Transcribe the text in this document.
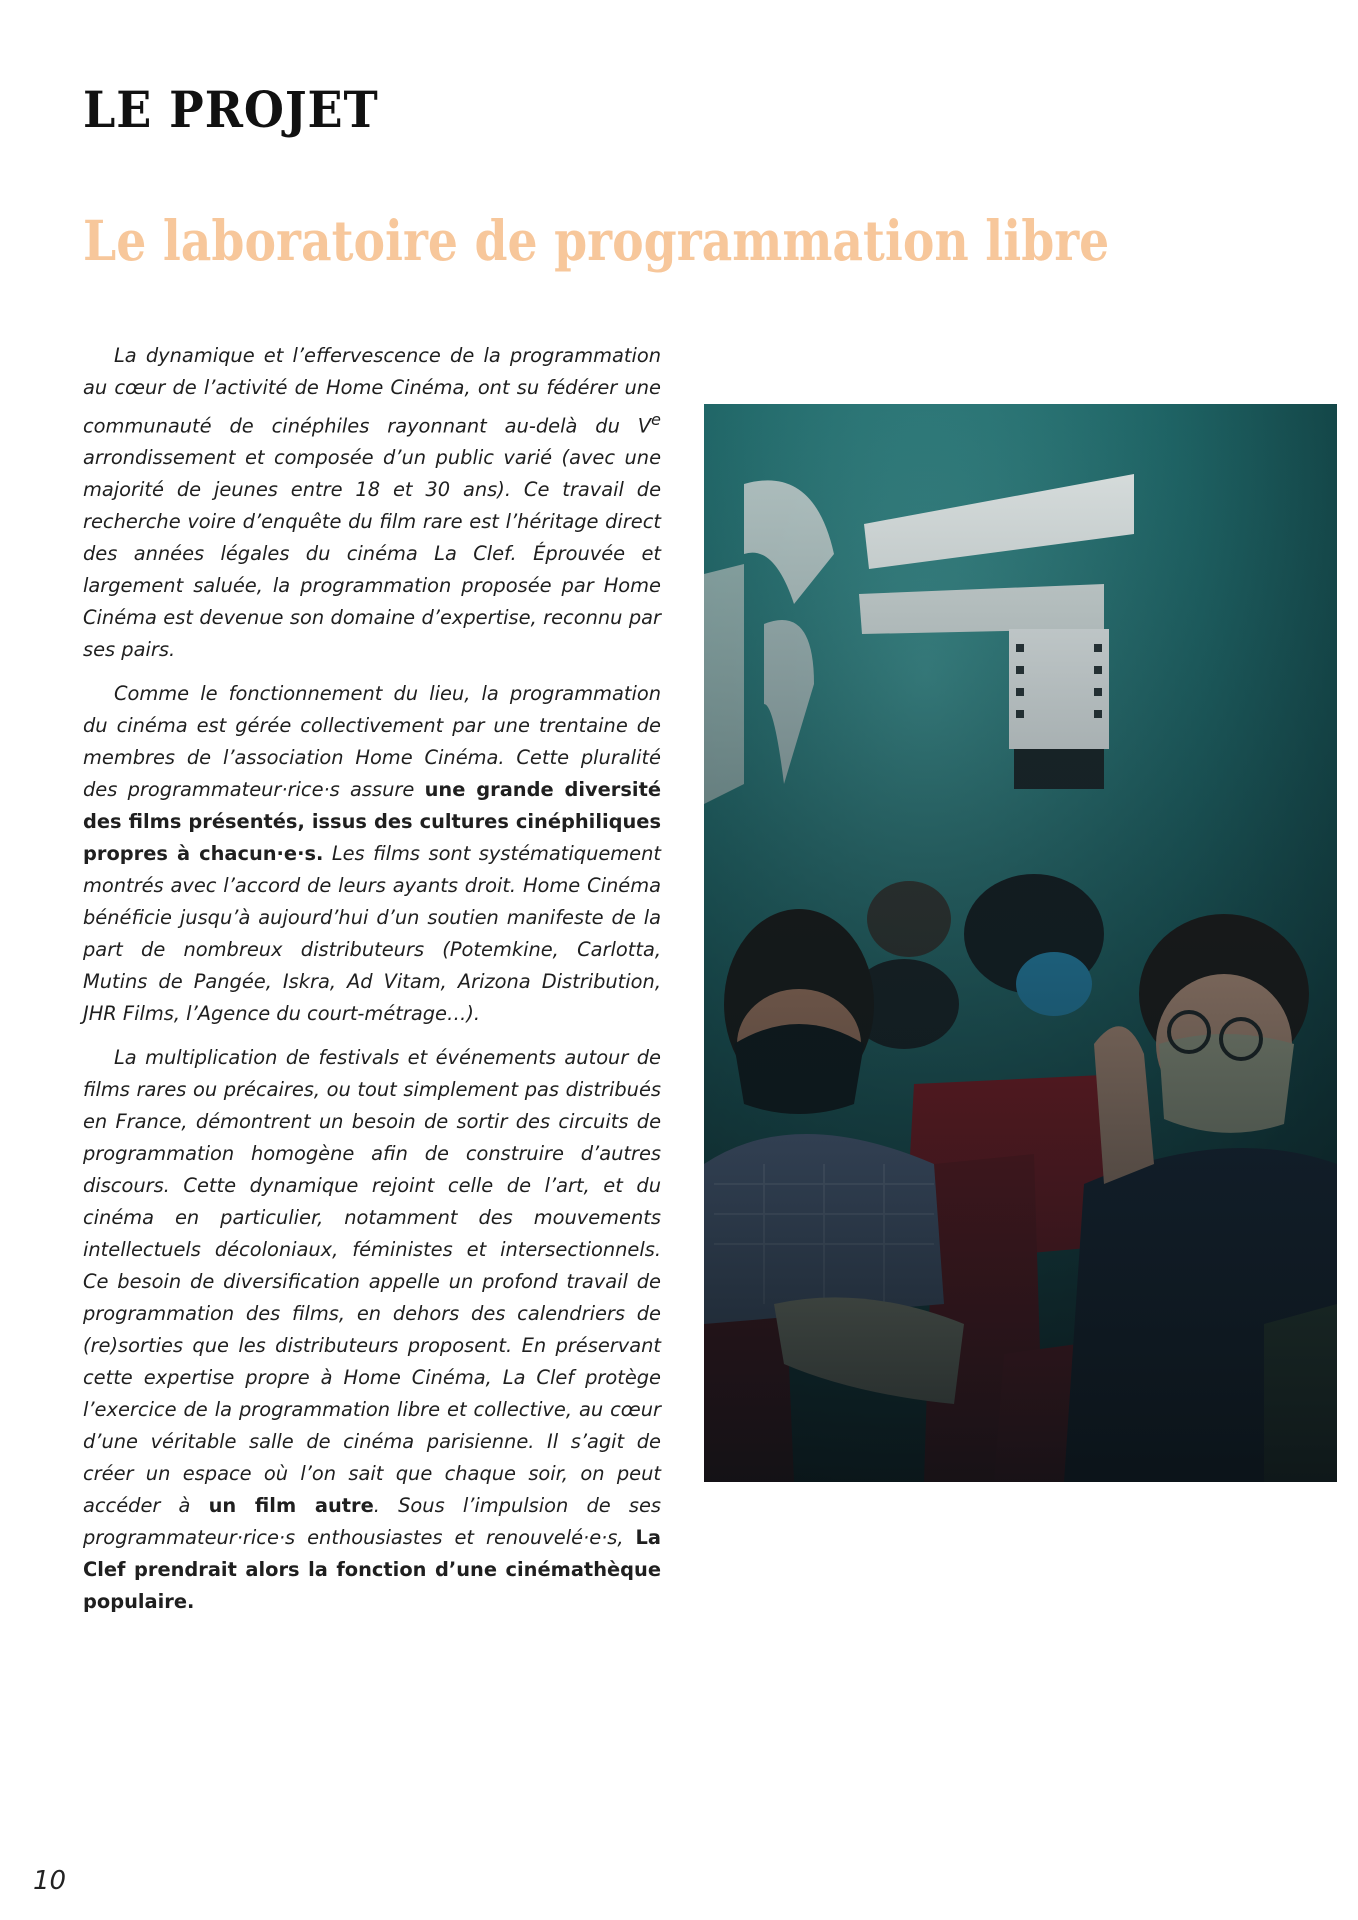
LE PROJET
Le laboratoire de programmation libre

La dynamique et l’effervescence de la programmation au cœur de l’activité de Home Cinéma, ont su fédérer une communauté de cinéphiles rayonnant au-delà du Ve arrondissement et composée d’un public varié (avec une majorité de jeunes entre 18 et 30 ans). Ce travail de recherche voire d’enquête du film rare est l’héritage direct des années légales du cinéma La Clef. Éprouvée et largement saluée, la programmation proposée par Home Cinéma est devenue son domaine d’expertise, reconnu par ses pairs.

Comme le fonctionnement du lieu, la programmation du cinéma est gérée collectivement par une trentaine de membres de l’association Home Cinéma. Cette pluralité des programmateur·rice·s assure une grande diversité des films présentés, issus des cultures cinéphiliques propres à chacun·e·s. Les films sont systématiquement montrés avec l’accord de leurs ayants droit. Home Cinéma bénéficie jusqu’à aujourd’hui d’un soutien manifeste de la part de nombreux distributeurs (Potemkine, Carlotta, Mutins de Pangée, Iskra, Ad Vitam, Arizona Distribution, JHR Films, l’Agence du court-métrage…).

La multiplication de festivals et événements autour de films rares ou précaires, ou tout simplement pas distribués en France, démontrent un besoin de sortir des circuits de programmation homogène afin de construire d’autres discours. Cette dynamique rejoint celle de l’art, et du cinéma en particulier, notamment des mouvements intellectuels décoloniaux, féministes et intersectionnels. Ce besoin de diversification appelle un profond travail de programmation des films, en dehors des calendriers de (re)sorties que les distributeurs proposent. En préservant cette expertise propre à Home Cinéma, La Clef protège l’exercice de la programmation libre et collective, au cœur d’une véritable salle de cinéma parisienne. Il s’agit de créer un espace où l’on sait que chaque soir, on peut accéder à un film autre. Sous l’impulsion de ses programmateur·rice·s enthousiastes et renouvelé·e·s, La Clef prendrait alors la fonction d’une cinémathèque populaire.

10
